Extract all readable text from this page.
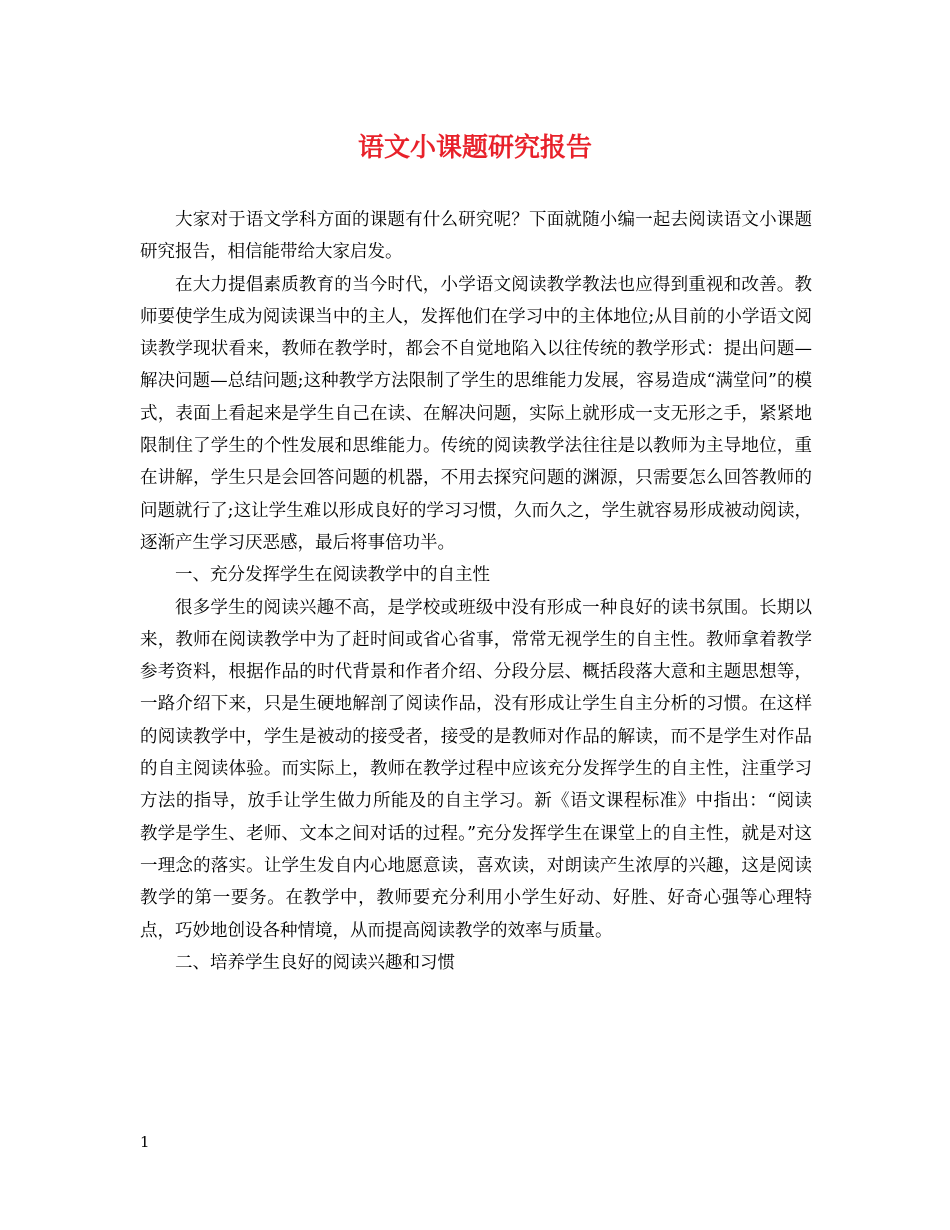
语文小课题研究报告

大家对于语文学科方面的课题有什么研究呢？下面就随小编一起去阅读语文小课题研究报告，相信能带给大家启发。

在大力提倡素质教育的当今时代，小学语文阅读教学教法也应得到重视和改善。教师要使学生成为阅读课当中的主人，发挥他们在学习中的主体地位;从目前的小学语文阅读教学现状看来，教师在教学时，都会不自觉地陷入以往传统的教学形式：提出问题—解决问题—总结问题;这种教学方法限制了学生的思维能力发展，容易造成“满堂问”的模式，表面上看起来是学生自己在读、在解决问题，实际上就形成一支无形之手，紧紧地限制住了学生的个性发展和思维能力。传统的阅读教学法往往是以教师为主导地位，重在讲解，学生只是会回答问题的机器，不用去探究问题的渊源，只需要怎么回答教师的问题就行了;这让学生难以形成良好的学习习惯，久而久之，学生就容易形成被动阅读，逐渐产生学习厌恶感，最后将事倍功半。

一、充分发挥学生在阅读教学中的自主性

很多学生的阅读兴趣不高，是学校或班级中没有形成一种良好的读书氛围。长期以来，教师在阅读教学中为了赶时间或省心省事，常常无视学生的自主性。教师拿着教学参考资料，根据作品的时代背景和作者介绍、分段分层、概括段落大意和主题思想等，一路介绍下来，只是生硬地解剖了阅读作品，没有形成让学生自主分析的习惯。在这样的阅读教学中，学生是被动的接受者，接受的是教师对作品的解读，而不是学生对作品的自主阅读体验。而实际上，教师在教学过程中应该充分发挥学生的自主性，注重学习方法的指导，放手让学生做力所能及的自主学习。新《语文课程标准》中指出：“阅读教学是学生、老师、文本之间对话的过程。”充分发挥学生在课堂上的自主性，就是对这一理念的落实。让学生发自内心地愿意读，喜欢读，对朗读产生浓厚的兴趣，这是阅读教学的第一要务。在教学中，教师要充分利用小学生好动、好胜、好奇心强等心理特点，巧妙地创设各种情境，从而提高阅读教学的效率与质量。

二、培养学生良好的阅读兴趣和习惯

1
